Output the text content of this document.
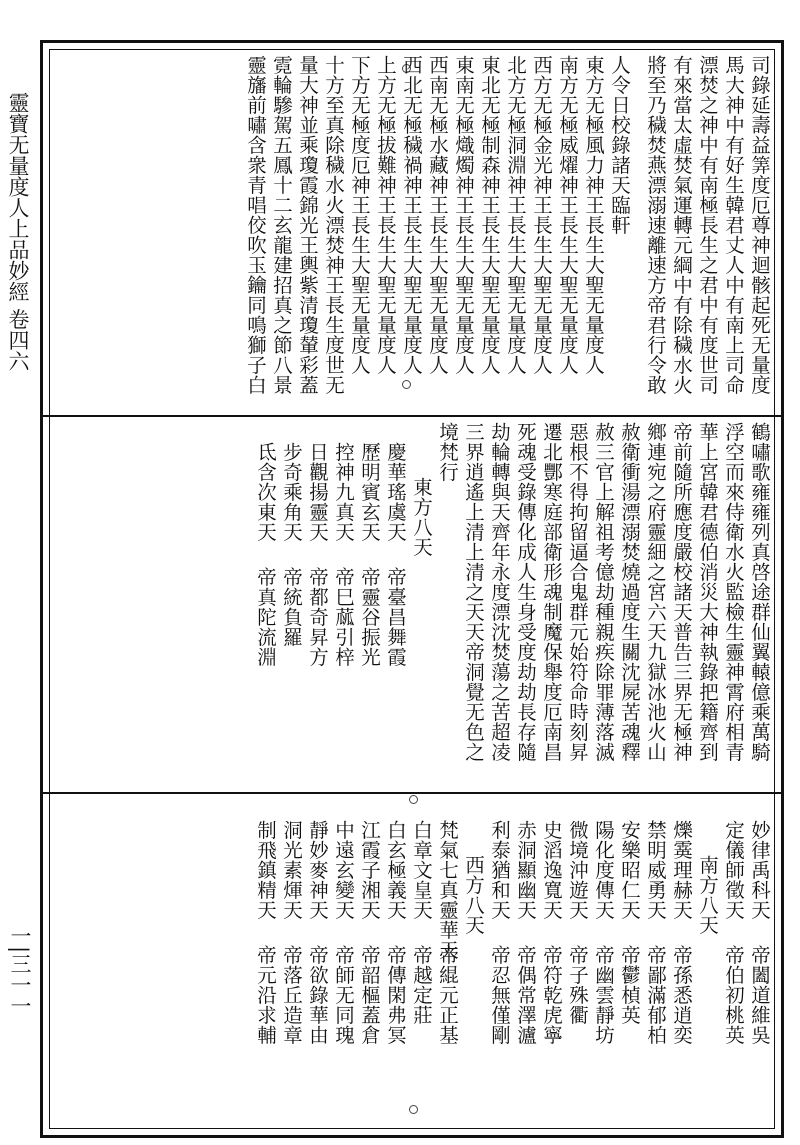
靈寶无量度人上品妙經 卷四六
一|三一一
司錄延壽益筭度厄尊神迴骸起死无量度
馬大神中有好生韓君丈人中有南上司命
漂焚之神中有南極長生之君中有度世司
有來當太虛焚氣運轉元綱中有除穢水火
將至乃穢焚燕漂溺速離速方帝君行令敢
人令日校錄諸天臨軒
東方无極風力神王長生大聖无量度人
南方无極威燿神王長生大聖无量度人
西方无極金光神王長生大聖无量度人
北方无極洞淵神王長生大聖无量度人
東北无極制森神王長生大聖无量度人
東南无極熾燭神王長生大聖无量度人
西南无極水藏神王長生大聖无量度人
西北无極穢禍神王長生大聖无量度人
上方无極拔難神王長生大聖无量度人
下方无極度厄神王長生大聖无量度人
十方至真除穢水火漂焚神王長生度世无
量大神並乘瓊霞錦光王輿紫清瓊輦彩蓋
霓輪驂駕五鳳十二玄龍建招真之節八景
靈旛前嘯含衆青唱佼吹玉鑰同鳴獅子白
鶴嘯歌雍雍列真啓途群仙翼轅億乘萬騎
浮空而來侍衛水火監檢生靈神霄府相青
華上宮韓君德伯消災大神執錄把籍齊到
帝前隨所應度嚴校諸天普告三界无極神
鄉連宛之府靈細之宮六天九獄冰池火山
赦衛衝湯漂溺焚燒過度生關沈屍苦魂釋
赦三官上解祖考億劫種親疾除罪薄落滅
惡根不得拘留逼合鬼群元始符命時刻昇
遷北酆寒庭部衛形魂制魔保舉度厄南昌
死魂受錄傳化成人生身受度劫劫長存隨
劫輪轉與天齊年永度漂沈焚蕩之苦超凌
三界逍遙上清上清之天天帝洞覺无色之
境梵行
東方八天
慶華瑤虞天
帝臺昌舞霞
歷明賓玄天
帝靈谷振光
控神九真天
帝巳蓏引梓
日觀揚靈天
帝都奇昇方
步奇乘角天
帝統負羅
氐含次東天
帝真陀流淵
妙律禹科天
帝闔道維吳
定儀師徵天
帝伯初桃英
南方八天
爍霙理赫天
帝孫悉逍奕
禁明威勇天
帝鄙滿郁柏
安樂昭仁天
帝鬱楨英
陽化度傳天
帝幽雲靜坊
微境沖遊天
帝子殊衢
史滔逸寬天
帝符乾虎寧
赤洞顯幽天
帝偶常澤瀘
利泰猶和天
帝忍無僅剛
西方八天
梵氣七真靈華天
帝緄元正基
白章文皇天
帝越定莊
白玄極義天
帝傳閑弗冥
江霞子湘天
帝韶樞蓋倉
中遠玄變天
帝師无同瑰
靜妙麥神天
帝欲錄華由
洞光素煇天
帝落丘造章
制飛鎮精天
帝元沿求輔
